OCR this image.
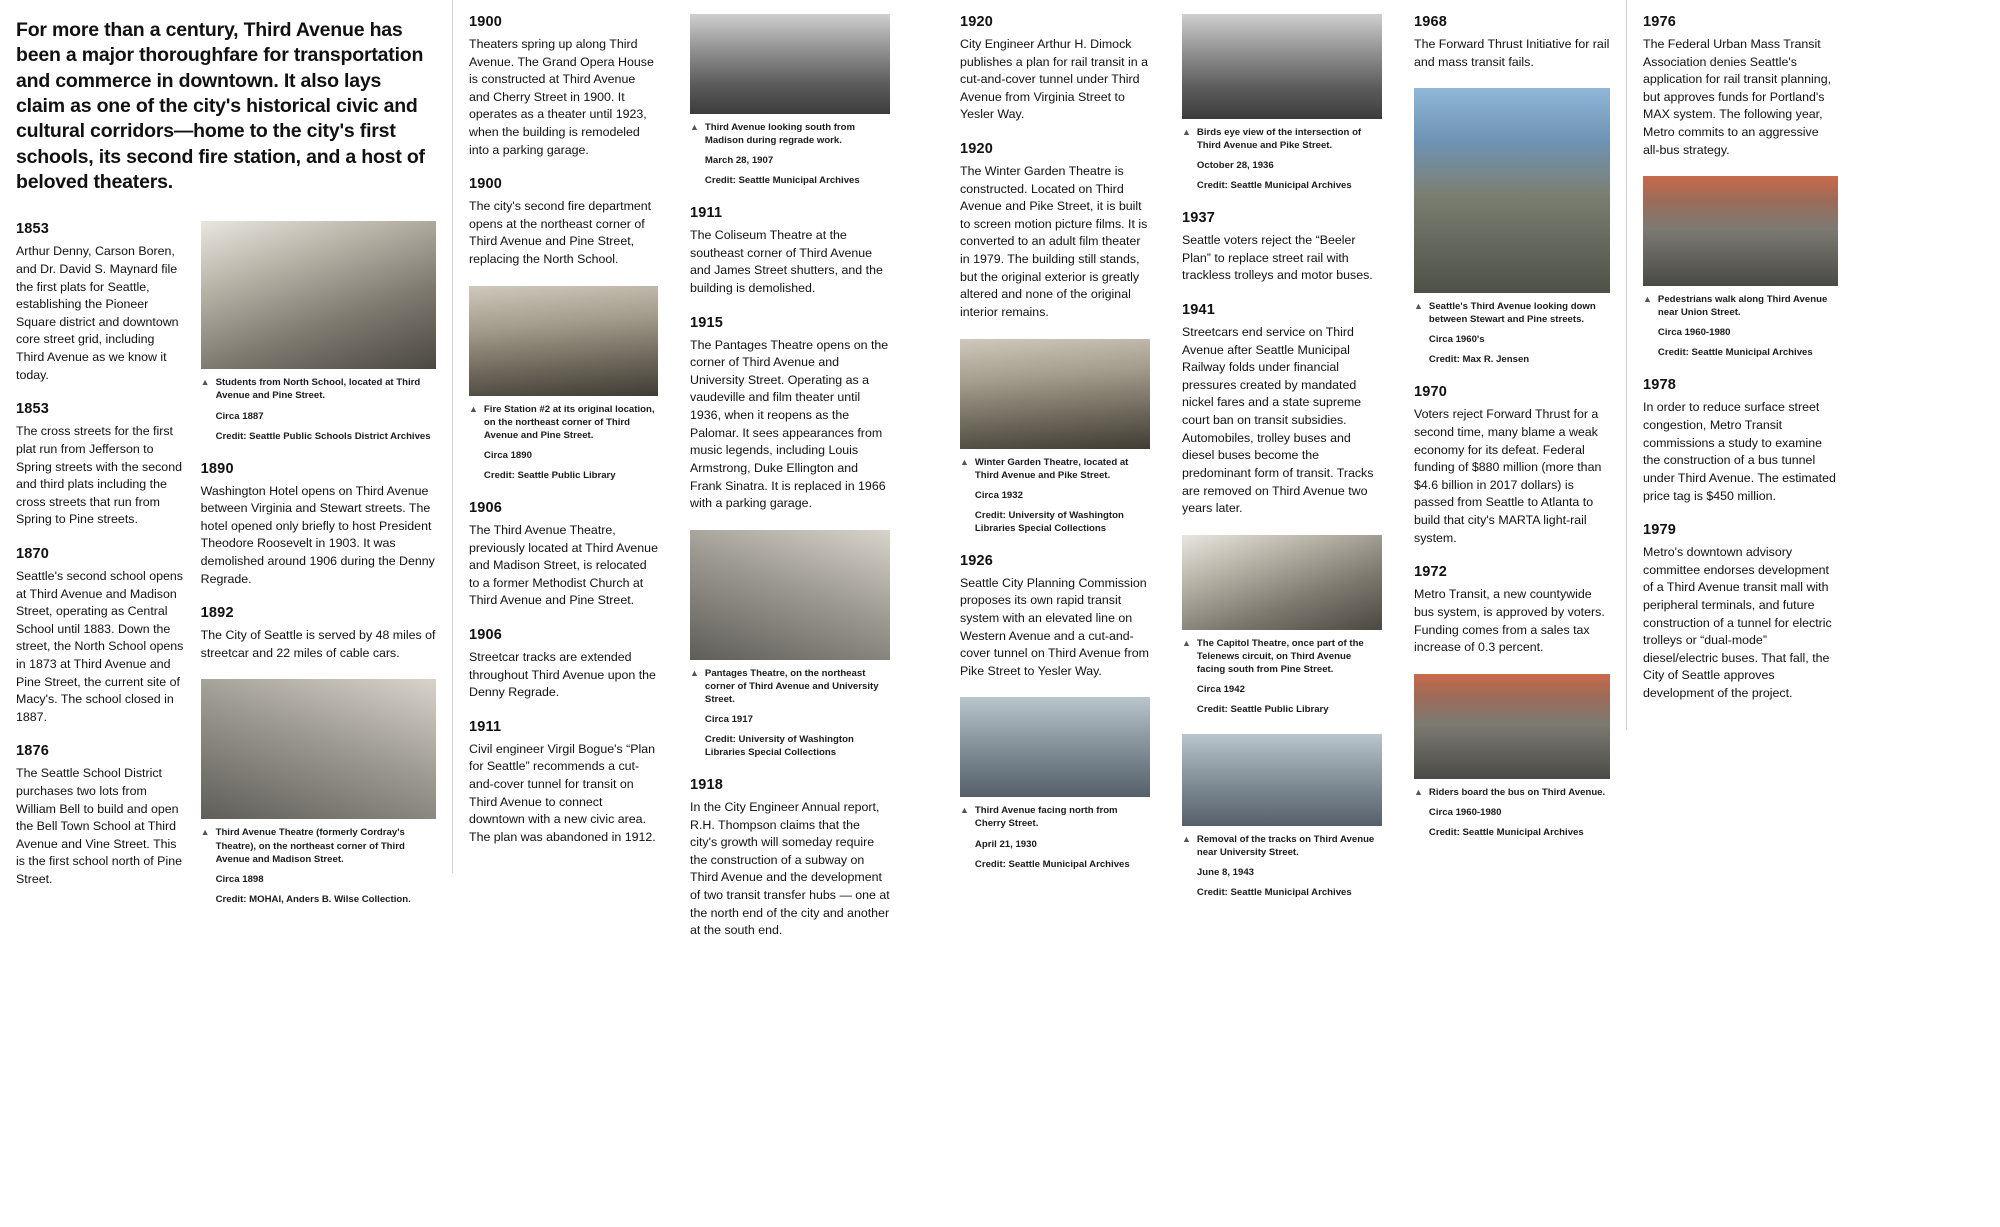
For more than a century, Third Avenue has been a major thoroughfare for transportation and commerce in downtown. It also lays claim as one of the city's historical civic and cultural corridors—home to the city's first schools, its second fire station, and a host of beloved theaters.
1853
Arthur Denny, Carson Boren, and Dr. David S. Maynard file the first plats for Seattle, establishing the Pioneer Square district and downtown core street grid, including Third Avenue as we know it today.
1853
The cross streets for the first plat run from Jefferson to Spring streets with the second and third plats including the cross streets that run from Spring to Pine streets.
1870
Seattle's second school opens at Third Avenue and Madison Street, operating as Central School until 1883. Down the street, the North School opens in 1873 at Third Avenue and Pine Street, the current site of Macy's. The school closed in 1887.
1876
The Seattle School District purchases two lots from William Bell to build and open the Bell Town School at Third Avenue and Vine Street. This is the first school north of Pine Street.
▲ Students from North School, located at Third Avenue and Pine Street.
Circa 1887
Credit: Seattle Public Schools District Archives
1890
Washington Hotel opens on Third Avenue between Virginia and Stewart streets. The hotel opened only briefly to host President Theodore Roosevelt in 1903. It was demolished around 1906 during the Denny Regrade.
1892
The City of Seattle is served by 48 miles of streetcar and 22 miles of cable cars.
▲ Third Avenue Theatre (formerly Cordray's Theatre), on the northeast corner of Third Avenue and Madison Street.
Circa 1898
Credit: MOHAI, Anders B. Wilse Collection.
1900
Theaters spring up along Third Avenue. The Grand Opera House is constructed at Third Avenue and Cherry Street in 1900. It operates as a theater until 1923, when the building is remodeled into a parking garage.
1900
The city's second fire department opens at the northeast corner of Third Avenue and Pine Street, replacing the North School.
▲ Fire Station #2 at its original location, on the northeast corner of Third Avenue and Pine Street.
Circa 1890
Credit: Seattle Public Library
1906
The Third Avenue Theatre, previously located at Third Avenue and Madison Street, is relocated to a former Methodist Church at Third Avenue and Pine Street.
1906
Streetcar tracks are extended throughout Third Avenue upon the Denny Regrade.
1911
Civil engineer Virgil Bogue's “Plan for Seattle” recommends a cut-and-cover tunnel for transit on Third Avenue to connect downtown with a new civic area. The plan was abandoned in 1912.
▲ Third Avenue looking south from Madison during regrade work.
March 28, 1907
Credit: Seattle Municipal Archives
1911
The Coliseum Theatre at the southeast corner of Third Avenue and James Street shutters, and the building is demolished.
1915
The Pantages Theatre opens on the corner of Third Avenue and University Street. Operating as a vaudeville and film theater until 1936, when it reopens as the Palomar. It sees appearances from music legends, including Louis Armstrong, Duke Ellington and Frank Sinatra. It is replaced in 1966 with a parking garage.
▲ Pantages Theatre, on the northeast corner of Third Avenue and University Street.
Circa 1917
Credit: University of Washington Libraries Special Collections
1918
In the City Engineer Annual report, R.H. Thompson claims that the city's growth will someday require the construction of a subway on Third Avenue and the development of two transit transfer hubs — one at the north end of the city and another at the south end.
1920
City Engineer Arthur H. Dimock publishes a plan for rail transit in a cut-and-cover tunnel under Third Avenue from Virginia Street to Yesler Way.
1920
The Winter Garden Theatre is constructed. Located on Third Avenue and Pike Street, it is built to screen motion picture films. It is converted to an adult film theater in 1979. The building still stands, but the original exterior is greatly altered and none of the original interior remains.
▲ Winter Garden Theatre, located at Third Avenue and Pike Street.
Circa 1932
Credit: University of Washington Libraries Special Collections
1926
Seattle City Planning Commission proposes its own rapid transit system with an elevated line on Western Avenue and a cut-and-cover tunnel on Third Avenue from Pike Street to Yesler Way.
▲ Third Avenue facing north from Cherry Street.
April 21, 1930
Credit: Seattle Municipal Archives
▲ Birds eye view of the intersection of Third Avenue and Pike Street.
October 28, 1936
Credit: Seattle Municipal Archives
1937
Seattle voters reject the “Beeler Plan” to replace street rail with trackless trolleys and motor buses.
1941
Streetcars end service on Third Avenue after Seattle Municipal Railway folds under financial pressures created by mandated nickel fares and a state supreme court ban on transit subsidies. Automobiles, trolley buses and diesel buses become the predominant form of transit. Tracks are removed on Third Avenue two years later.
▲ The Capitol Theatre, once part of the Telenews circuit, on Third Avenue facing south from Pine Street.
Circa 1942
Credit: Seattle Public Library
▲ Removal of the tracks on Third Avenue near University Street.
June 8, 1943
Credit: Seattle Municipal Archives
1968
The Forward Thrust Initiative for rail and mass transit fails.
▲ Seattle's Third Avenue looking down between Stewart and Pine streets.
Circa 1960's
Credit: Max R. Jensen
1970
Voters reject Forward Thrust for a second time, many blame a weak economy for its defeat. Federal funding of $880 million (more than $4.6 billion in 2017 dollars) is passed from Seattle to Atlanta to build that city's MARTA light-rail system.
1972
Metro Transit, a new countywide bus system, is approved by voters. Funding comes from a sales tax increase of 0.3 percent.
▲ Riders board the bus on Third Avenue.
Circa 1960-1980
Credit: Seattle Municipal Archives
1976
The Federal Urban Mass Transit Association denies Seattle's application for rail transit planning, but approves funds for Portland's MAX system. The following year, Metro commits to an aggressive all-bus strategy.
▲ Pedestrians walk along Third Avenue near Union Street.
Circa 1960-1980
Credit: Seattle Municipal Archives
1978
In order to reduce surface street congestion, Metro Transit commissions a study to examine the construction of a bus tunnel under Third Avenue. The estimated price tag is $450 million.
1979
Metro's downtown advisory committee endorses development of a Third Avenue transit mall with peripheral terminals, and future construction of a tunnel for electric trolleys or “dual-mode” diesel/electric buses. That fall, the City of Seattle approves development of the project.
